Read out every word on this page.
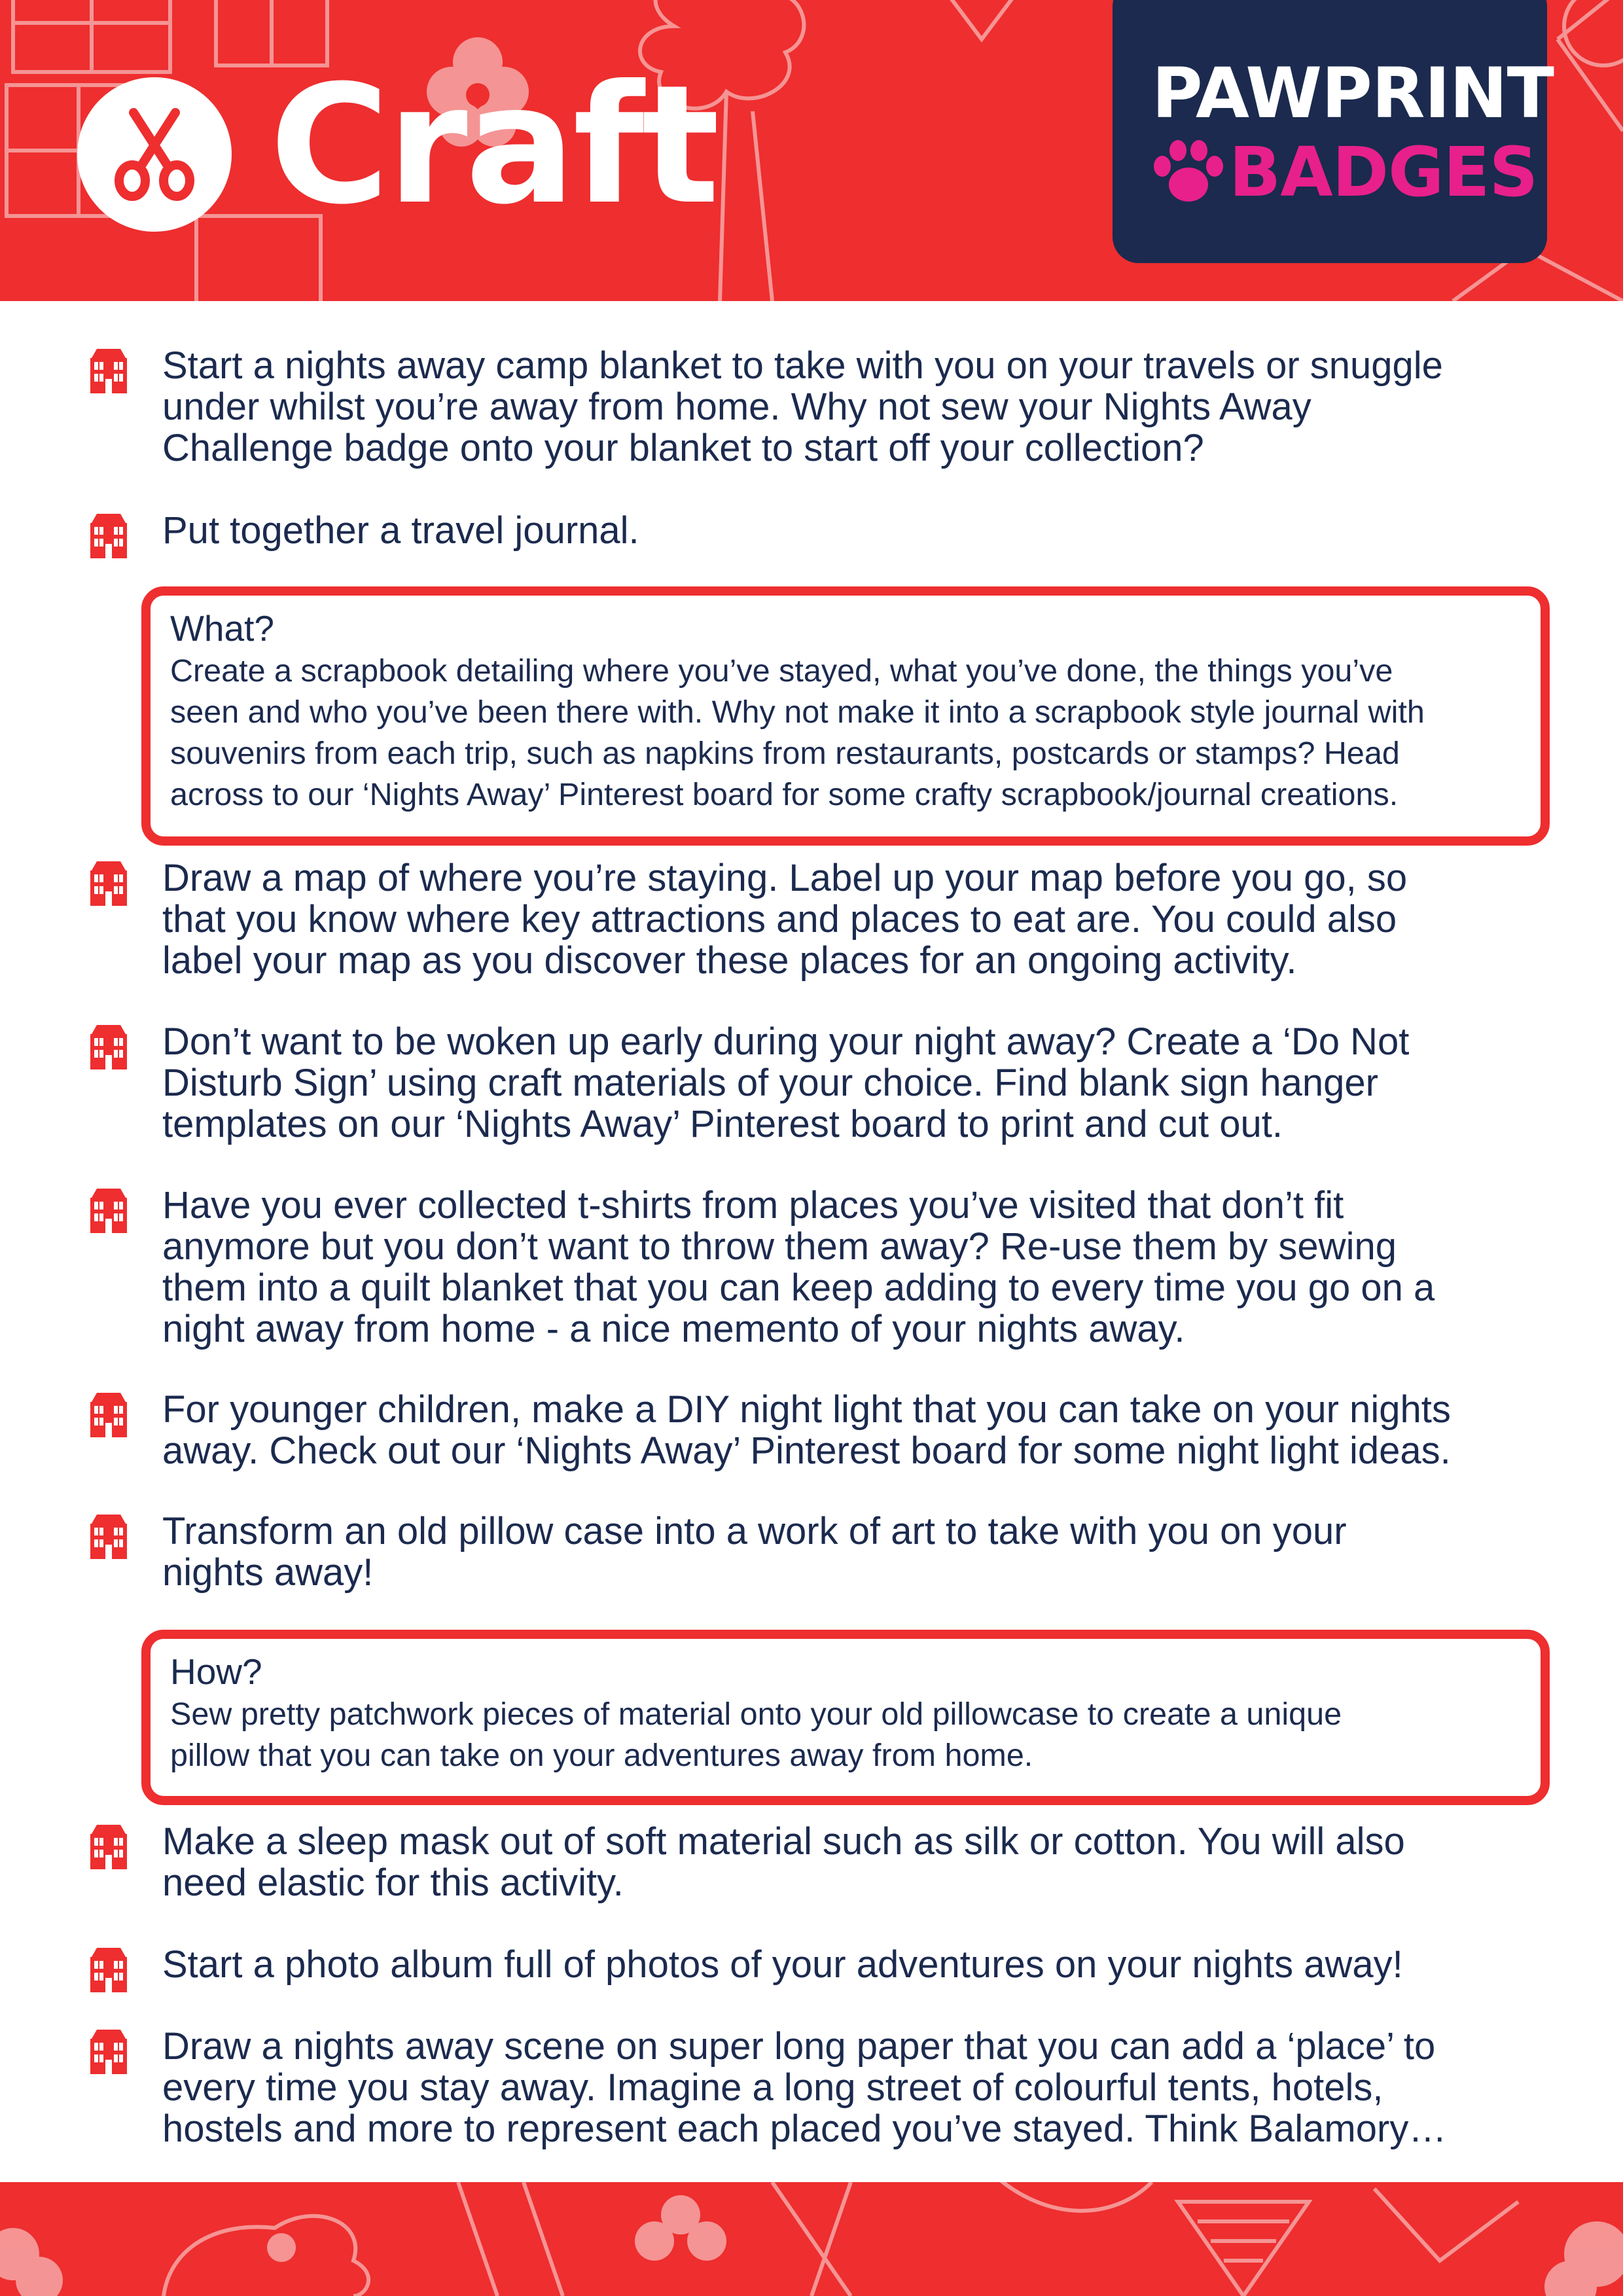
Craft	PAWPRINT
BADGES
Start a nights away camp blanket to take with you on your travels or snuggle
under whilst you’re away from home. Why not sew your Nights Away
Challenge badge onto your blanket to start off your collection?
Put together a travel journal.
What?
Create a scrapbook detailing where you’ve stayed, what you’ve done, the things you’ve
seen and who you’ve been there with. Why not make it into a scrapbook style journal with
souvenirs from each trip, such as napkins from restaurants, postcards or stamps? Head
across to our ‘Nights Away’ Pinterest board for some crafty scrapbook/journal creations.
Draw a map of where you’re staying. Label up your map before you go, so
that you know where key attractions and places to eat are. You could also
label your map as you discover these places for an ongoing activity.
Don’t want to be woken up early during your night away? Create a ‘Do Not
Disturb Sign’ using craft materials of your choice. Find blank sign hanger
templates on our ‘Nights Away’ Pinterest board to print and cut out.
Have you ever collected t-shirts from places you’ve visited that don’t fit
anymore but you don’t want to throw them away? Re-use them by sewing
them into a quilt blanket that you can keep adding to every time you go on a
night away from home - a nice memento of your nights away.
For younger children, make a DIY night light that you can take on your nights
away. Check out our ‘Nights Away’ Pinterest board for some night light ideas.
Transform an old pillow case into a work of art to take with you on your
nights away!
How?
Sew pretty patchwork pieces of material onto your old pillowcase to create a unique
pillow that you can take on your adventures away from home.
Make a sleep mask out of soft material such as silk or cotton. You will also
need elastic for this activity.
Start a photo album full of photos of your adventures on your nights away!
Draw a nights away scene on super long paper that you can add a ‘place’ to
every time you stay away. Imagine a long street of colourful tents, hotels,
hostels and more to represent each placed you’ve stayed. Think Balamory…
